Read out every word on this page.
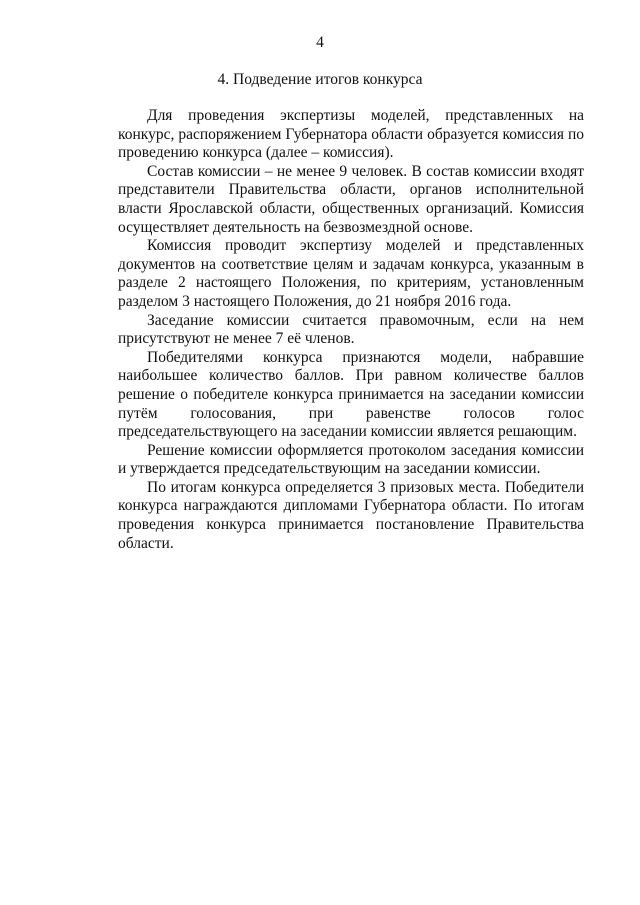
4
4. Подведение итогов конкурса

Для проведения экспертизы моделей, представленных на конкурс, распоряжением Губернатора области образуется комиссия по проведению конкурса (далее – комиссия).

Состав комиссии – не менее 9 человек. В состав комиссии входят представители Правительства области, органов исполнительной власти Ярославской области, общественных организаций. Комиссия осуществляет деятельность на безвозмездной основе.

Комиссия проводит экспертизу моделей и представленных документов на соответствие целям и задачам конкурса, указанным в разделе 2 настоящего Положения, по критериям, установленным разделом 3 настоящего Положения, до 21 ноября 2016 года.

Заседание комиссии считается правомочным, если на нем присутствуют не менее 7 её членов.

Победителями конкурса признаются модели, набравшие наибольшее количество баллов. При равном количестве баллов решение о победителе конкурса принимается на заседании комиссии путём голосования, при равенстве голосов голос председательствующего на заседании комиссии является решающим.

Решение комиссии оформляется протоколом заседания комиссии и утверждается председательствующим на заседании комиссии.

По итогам конкурса определяется 3 призовых места. Победители конкурса награждаются дипломами Губернатора области. По итогам проведения конкурса принимается постановление Правительства области.
